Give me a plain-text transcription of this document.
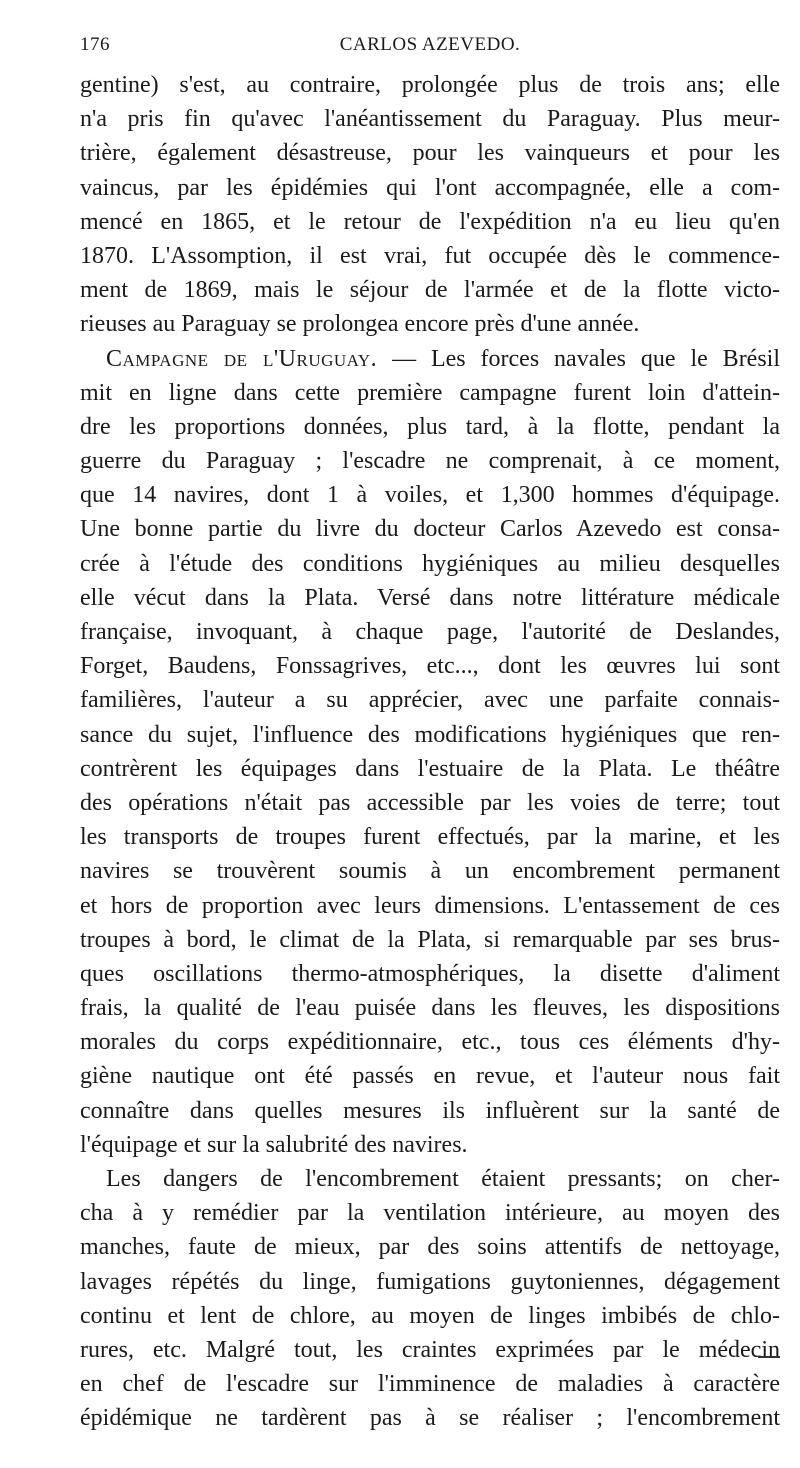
176	CARLOS AZEVEDO.
gentine) s'est, au contraire, prolongée plus de trois ans; elle
n'a pris fin qu'avec l'anéantissement du Paraguay. Plus meur-
trière, également désastreuse, pour les vainqueurs et pour les
vaincus, par les épidémies qui l'ont accompagnée, elle a com-
mencé en 1865, et le retour de l'expédition n'a eu lieu qu'en
1870. L'Assomption, il est vrai, fut occupée dès le commence-
ment de 1869, mais le séjour de l'armée et de la flotte victo-
rieuses au Paraguay se prolongea encore près d'une année.
Campagne de l'Uruguay. — Les forces navales que le Brésil
mit en ligne dans cette première campagne furent loin d'attein-
dre les proportions données, plus tard, à la flotte, pendant la
guerre du Paraguay ; l'escadre ne comprenait, à ce moment,
que 14 navires, dont 1 à voiles, et 1,300 hommes d'équipage.
Une bonne partie du livre du docteur Carlos Azevedo est consa-
crée à l'étude des conditions hygiéniques au milieu desquelles
elle vécut dans la Plata. Versé dans notre littérature médicale
française, invoquant, à chaque page, l'autorité de Deslandes,
Forget, Baudens, Fonssagrives, etc..., dont les œuvres lui sont
familières, l'auteur a su apprécier, avec une parfaite connais-
sance du sujet, l'influence des modifications hygiéniques que ren-
contrèrent les équipages dans l'estuaire de la Plata. Le théâtre
des opérations n'était pas accessible par les voies de terre; tout
les transports de troupes furent effectués, par la marine, et les
navires se trouvèrent soumis à un encombrement permanent
et hors de proportion avec leurs dimensions. L'entassement de ces
troupes à bord, le climat de la Plata, si remarquable par ses brus-
ques oscillations thermo-atmosphériques, la disette d'aliment
frais, la qualité de l'eau puisée dans les fleuves, les dispositions
morales du corps expéditionnaire, etc., tous ces éléments d'hy-
giène nautique ont été passés en revue, et l'auteur nous fait
connaître dans quelles mesures ils influèrent sur la santé de
l'équipage et sur la salubrité des navires.
Les dangers de l'encombrement étaient pressants; on cher-
cha à y remédier par la ventilation intérieure, au moyen des
manches, faute de mieux, par des soins attentifs de nettoyage,
lavages répétés du linge, fumigations guytoniennes, dégagement
continu et lent de chlore, au moyen de linges imbibés de chlo-
rures, etc. Malgré tout, les craintes exprimées par le médecin
en chef de l'escadre sur l'imminence de maladies à caractère
épidémique ne tardèrent pas à se réaliser ; l'encombrement
